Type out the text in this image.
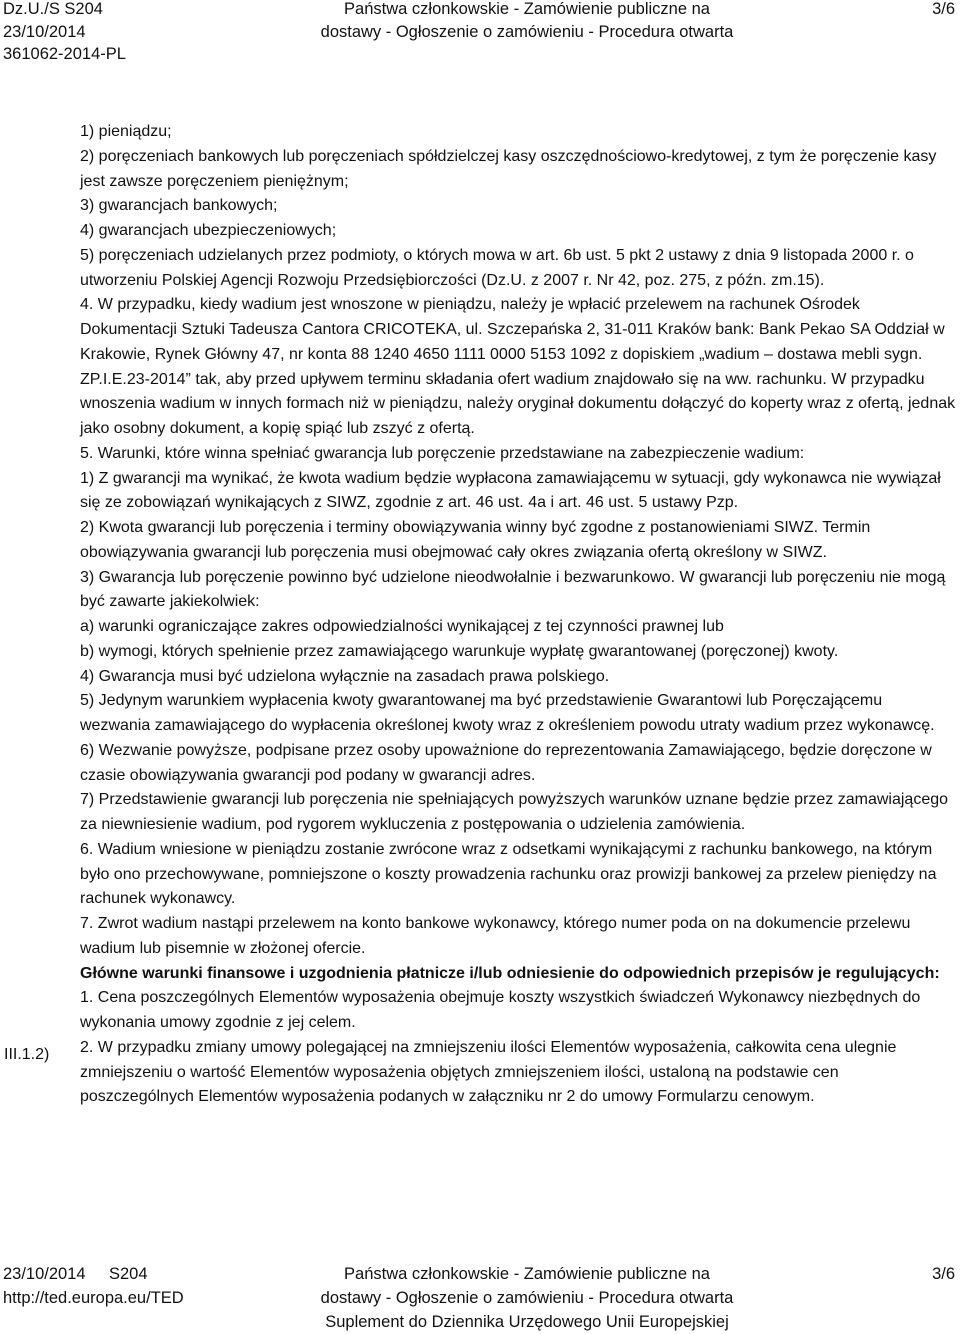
Dz.U./S S204
23/10/2014
361062-2014-PL
Państwa członkowskie - Zamówienie publiczne na
dostawy - Ogłoszenie o zamówieniu - Procedura otwarta
3/6

1) pieniądzu;

2) poręczeniach bankowych lub poręczeniach spółdzielczej kasy oszczędnościowo-kredytowej, z tym że poręczenie kasy jest zawsze poręczeniem pieniężnym;

3) gwarancjach bankowych;

4) gwarancjach ubezpieczeniowych;

5) poręczeniach udzielanych przez podmioty, o których mowa w art. 6b ust. 5 pkt 2 ustawy z dnia 9 listopada 2000 r. o utworzeniu Polskiej Agencji Rozwoju Przedsiębiorczości (Dz.U. z 2007 r. Nr 42, poz. 275, z późn. zm.15).

4. W przypadku, kiedy wadium jest wnoszone w pieniądzu, należy je wpłacić przelewem na rachunek Ośrodek Dokumentacji Sztuki Tadeusza Cantora CRICOTEKA, ul. Szczepańska 2, 31-011 Kraków bank: Bank Pekao SA Oddział w Krakowie, Rynek Główny 47, nr konta 88 1240 4650 1111 0000 5153 1092 z dopiskiem „wadium – dostawa mebli sygn. ZP.I.E.23-2014” tak, aby przed upływem terminu składania ofert wadium znajdowało się na ww. rachunku. W przypadku wnoszenia wadium w innych formach niż w pieniądzu, należy oryginał dokumentu dołączyć do koperty wraz z ofertą, jednak jako osobny dokument, a kopię spiąć lub zszyć z ofertą.

5. Warunki, które winna spełniać gwarancja lub poręczenie przedstawiane na zabezpieczenie wadium:

1) Z gwarancji ma wynikać, że kwota wadium będzie wypłacona zamawiającemu w sytuacji, gdy wykonawca nie wywiązał się ze zobowiązań wynikających z SIWZ, zgodnie z art. 46 ust. 4a i art. 46 ust. 5 ustawy Pzp.

2) Kwota gwarancji lub poręczenia i terminy obowiązywania winny być zgodne z postanowieniami SIWZ. Termin obowiązywania gwarancji lub poręczenia musi obejmować cały okres związania ofertą określony w SIWZ.

3) Gwarancja lub poręczenie powinno być udzielone nieodwołalnie i bezwarunkowo. W gwarancji lub poręczeniu nie mogą być zawarte jakiekolwiek:

a) warunki ograniczające zakres odpowiedzialności wynikającej z tej czynności prawnej lub

b) wymogi, których spełnienie przez zamawiającego warunkuje wypłatę gwarantowanej (poręczonej) kwoty.

4) Gwarancja musi być udzielona wyłącznie na zasadach prawa polskiego.

5) Jedynym warunkiem wypłacenia kwoty gwarantowanej ma być przedstawienie Gwarantowi lub Poręczającemu wezwania zamawiającego do wypłacenia określonej kwoty wraz z określeniem powodu utraty wadium przez wykonawcę.

6) Wezwanie powyższe, podpisane przez osoby upoważnione do reprezentowania Zamawiającego, będzie doręczone w czasie obowiązywania gwarancji pod podany w gwarancji adres.

7) Przedstawienie gwarancji lub poręczenia nie spełniających powyższych warunków uznane będzie przez zamawiającego za niewniesienie wadium, pod rygorem wykluczenia z postępowania o udzielenia zamówienia.

6. Wadium wniesione w pieniądzu zostanie zwrócone wraz z odsetkami wynikającymi z rachunku bankowego, na którym było ono przechowywane, pomniejszone o koszty prowadzenia rachunku oraz prowizji bankowej za przelew pieniędzy na rachunek wykonawcy.

7. Zwrot wadium nastąpi przelewem na konto bankowe wykonawcy, którego numer poda on na dokumencie przelewu wadium lub pisemnie w złożonej ofercie.

Główne warunki finansowe i uzgodnienia płatnicze i/lub odniesienie do odpowiednich przepisów je regulujących:

1. Cena poszczególnych Elementów wyposażenia obejmuje koszty wszystkich świadczeń Wykonawcy niezbędnych do wykonania umowy zgodnie z jej celem.

2. W przypadku zmiany umowy polegającej na zmniejszeniu ilości Elementów wyposażenia, całkowita cena ulegnie zmniejszeniu o wartość Elementów wyposażenia objętych zmniejszeniem ilości, ustaloną na podstawie cen poszczególnych Elementów wyposażenia podanych w załączniku nr 2 do umowy Formularzu cenowym.

III.1.2)
23/10/2014 S204
http://ted.europa.eu/TED
Państwa członkowskie - Zamówienie publiczne na
dostawy - Ogłoszenie o zamówieniu - Procedura otwarta
Suplement do Dziennika Urzędowego Unii Europejskiej
3/6
